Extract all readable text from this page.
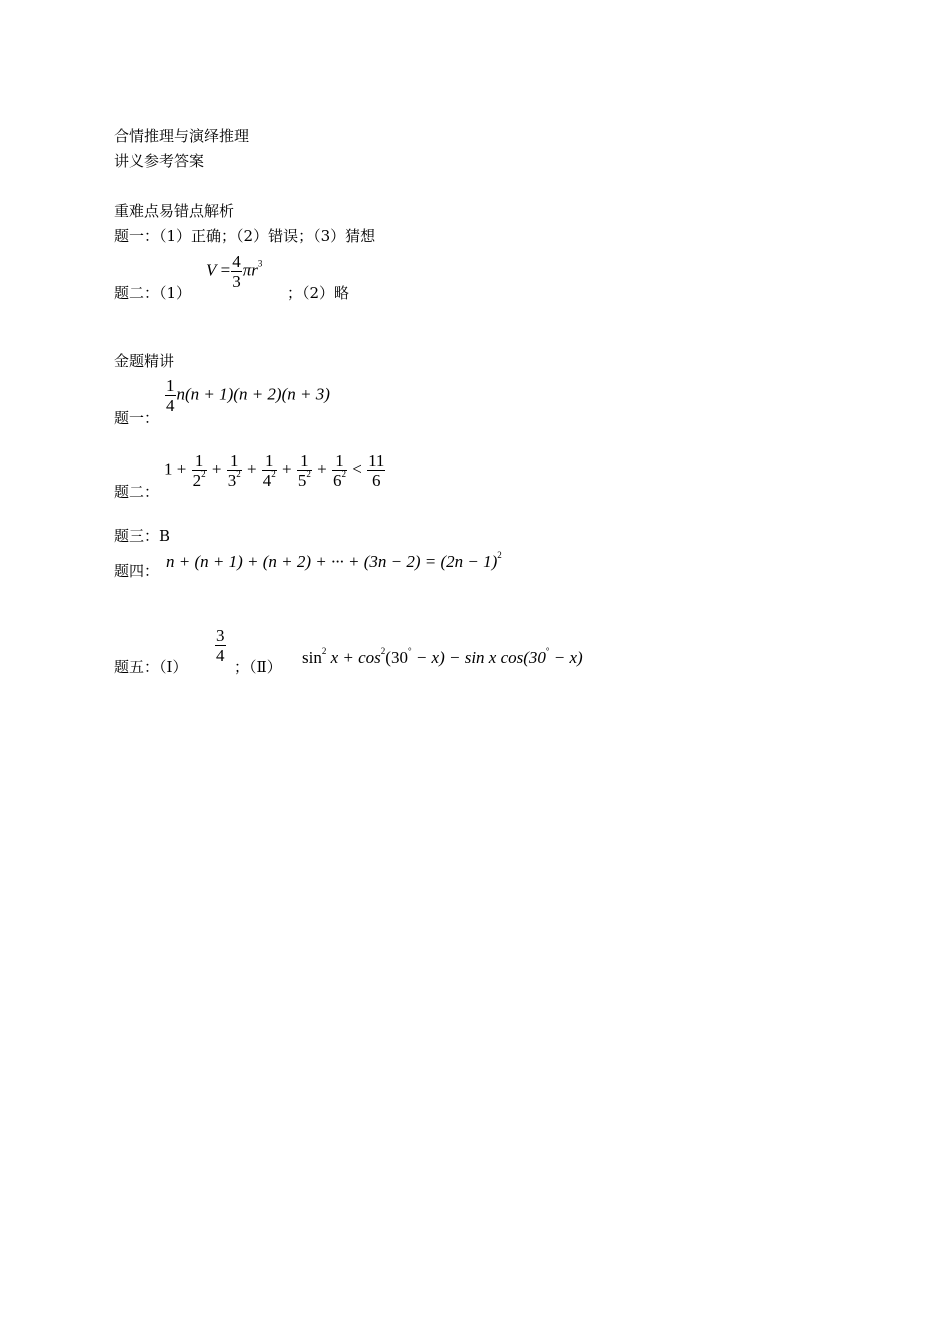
合情推理与演绎推理
讲义参考答案
重难点易错点解析
题一：（1）正确；（2）错误；（3）猜想
题二：（1）
$V = \frac{4}{3} \pi r^3$
；（2）略
金题精讲
题一：
$\frac{1}{4} n(n + 1)(n + 2)(n + 3)$
题二：
$1 + \frac{1}{2^2} + \frac{1}{3^2} + \frac{1}{4^2} + \frac{1}{5^2} + \frac{1}{6^2} < \frac{11}{6}$
题三：B
题四： n + (n + 1) + (n + 2) + ··· + $(3n - 2) = (2n - 1)^2$
题五：（Ⅰ）
$\frac{3}{4}$
；（Ⅱ） $\sin^2 x + \cos^2(30^\circ - x) - \sin x$ cos(30° − x)
